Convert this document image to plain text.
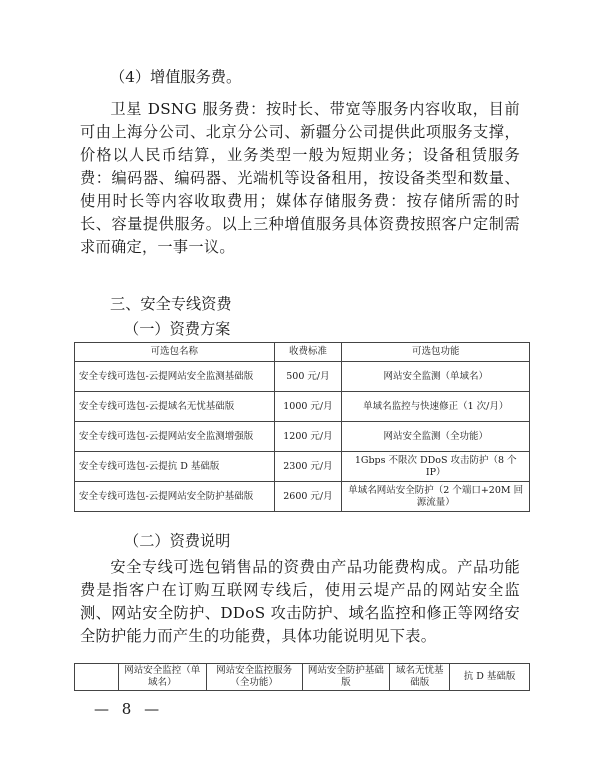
（4）增值服务费。

卫星 DSNG 服务费：按时长、带宽等服务内容收取，目前可由上海分公司、北京分公司、新疆分公司提供此项服务支撑，价格以人民币结算，业务类型一般为短期业务；设备租赁服务费：编码器、编码器、光端机等设备租用，按设备类型和数量、使用时长等内容收取费用；媒体存储服务费：按存储所需的时长、容量提供服务。以上三种增值服务具体资费按照客户定制需求而确定，一事一议。

三、安全专线资费

（一）资费方案

可选包名称	收费标准	可选包功能
安全专线可选包-云提网站安全监测基础版	500 元/月	网站安全监测（单域名）
安全专线可选包-云提域名无忧基础版	1000 元/月	单域名监控与快速修正（1 次/月）
安全专线可选包-云提网站安全监测增强版	1200 元/月	网站安全监测（全功能）
安全专线可选包-云提抗 D 基础版	2300 元/月	1Gbps 不限次 DDoS 攻击防护（8 个 IP）
安全专线可选包-云提网站安全防护基础版	2600 元/月	单域名网站安全防护（2 个端口+20M 回源流量）

（二）资费说明

安全专线可选包销售品的资费由产品功能费构成。产品功能费是指客户在订购互联网专线后，使用云堤产品的网站安全监测、网站安全防护、DDoS 攻击防护、域名监控和修正等网络安全防护能力而产生的功能费，具体功能说明见下表。

	网站安全监控（单域名）	网站安全监控服务（全功能）	网站安全防护基础版	域名无忧基础版	抗 D 基础版
— 8 —
